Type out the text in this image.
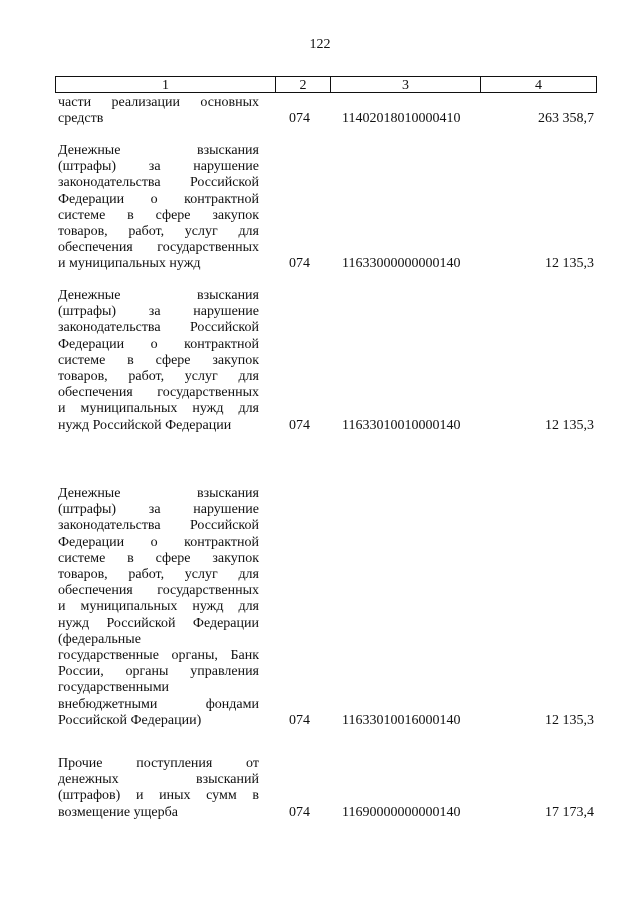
122
1	2	3	4
части реализации основных
средств	074 11402018010000410	263 358,7
Денежные взыскания
(штрафы) за нарушение
законодательства Российской
Федерации о контрактной
системе в сфере закупок
товаров, работ, услуг для
обеспечения государственных
и муниципальных нужд	074 11633000000000140	12 135,3
Денежные взыскания
(штрафы) за нарушение
законодательства Российской
Федерации о контрактной
системе в сфере закупок
товаров, работ, услуг для
обеспечения государственных
и муниципальных нужд для
нужд Российской Федерации	074 11633010010000140	12 135,3
Денежные взыскания
(штрафы) за нарушение
законодательства Российской
Федерации о контрактной
системе в сфере закупок
товаров, работ, услуг для
обеспечения государственных
и муниципальных нужд для
нужд Российской Федерации
(федеральные
государственные органы, Банк
России, органы управления
государственными
внебюджетными фондами
Российской Федерации)	074 11633010016000140	12 135,3
Прочие поступления от
денежных взысканий
(штрафов) и иных сумм в
возмещение ущерба	074 11690000000000140	17 173,4
